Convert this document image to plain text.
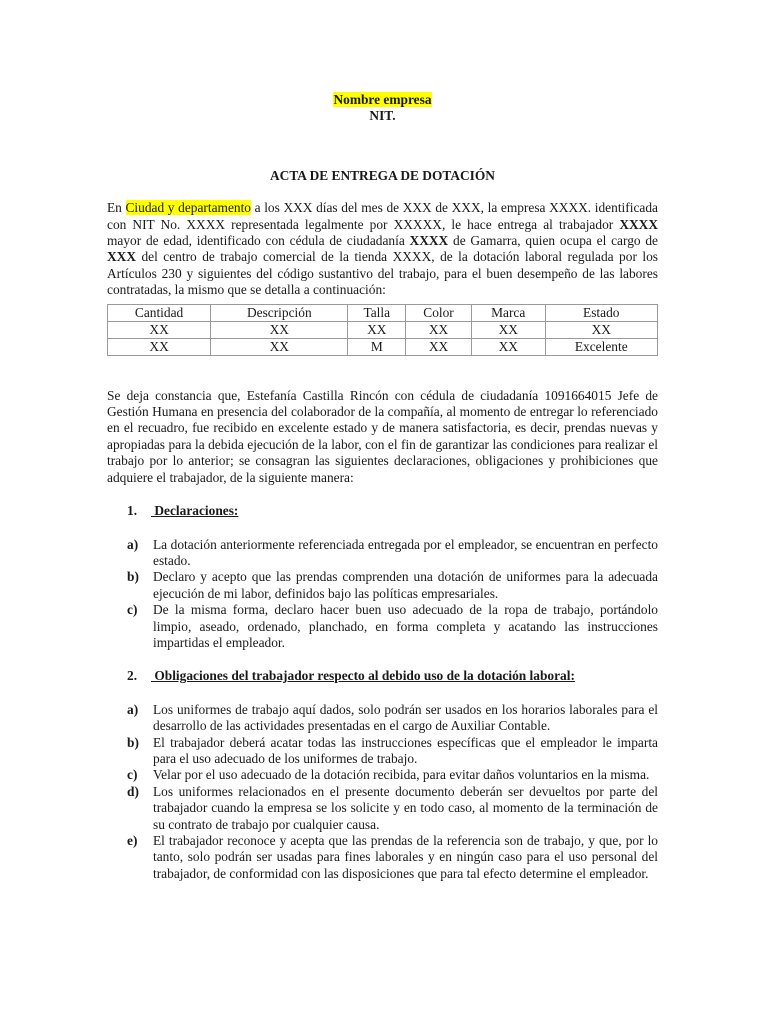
Nombre empresa
NIT.
ACTA DE ENTREGA DE DOTACIÓN

En Ciudad y departamento a los XXX días del mes de XXX de XXX, la empresa XXXX. identificada con NIT No. XXXX representada legalmente por XXXXX, le hace entrega al trabajador XXXX mayor de edad, identificado con cédula de ciudadanía XXXX de Gamarra, quien ocupa el cargo de XXX del centro de trabajo comercial de la tienda XXXX, de la dotación laboral regulada por los Artículos 230 y siguientes del código sustantivo del trabajo, para el buen desempeño de las labores contratadas, la mismo que se detalla a continuación:

Cantidad	Descripción	Talla	Color	Marca	Estado
XX	XX	XX	XX	XX	XX
XX	XX	M	XX	XX	Excelente

Se deja constancia que, Estefanía Castilla Rincón con cédula de ciudadanía 1091664015 Jefe de Gestión Humana en presencia del colaborador de la compañía, al momento de entregar lo referenciado en el recuadro, fue recibido en excelente estado y de manera satisfactoria, es decir, prendas nuevas y apropiadas para la debida ejecución de la labor, con el fin de garantizar las condiciones para realizar el trabajo por lo anterior; se consagran las siguientes declaraciones, obligaciones y prohibiciones que adquiere el trabajador, de la siguiente manera:

1. Declaraciones:
a) La dotación anteriormente referenciada entregada por el empleador, se encuentran en perfecto estado.
b) Declaro y acepto que las prendas comprenden una dotación de uniformes para la adecuada ejecución de mi labor, definidos bajo las políticas empresariales.
c) De la misma forma, declaro hacer buen uso adecuado de la ropa de trabajo, portándolo limpio, aseado, ordenado, planchado, en forma completa y acatando las instrucciones impartidas el empleador.
2. Obligaciones del trabajador respecto al debido uso de la dotación laboral:
a) Los uniformes de trabajo aquí dados, solo podrán ser usados en los horarios laborales para el desarrollo de las actividades presentadas en el cargo de Auxiliar Contable.
b) El trabajador deberá acatar todas las instrucciones específicas que el empleador le imparta para el uso adecuado de los uniformes de trabajo.
c) Velar por el uso adecuado de la dotación recibida, para evitar daños voluntarios en la misma.
d) Los uniformes relacionados en el presente documento deberán ser devueltos por parte del trabajador cuando la empresa se los solicite y en todo caso, al momento de la terminación de su contrato de trabajo por cualquier causa.
e) El trabajador reconoce y acepta que las prendas de la referencia son de trabajo, y que, por lo tanto, solo podrán ser usadas para fines laborales y en ningún caso para el uso personal del trabajador, de conformidad con las disposiciones que para tal efecto determine el empleador.
